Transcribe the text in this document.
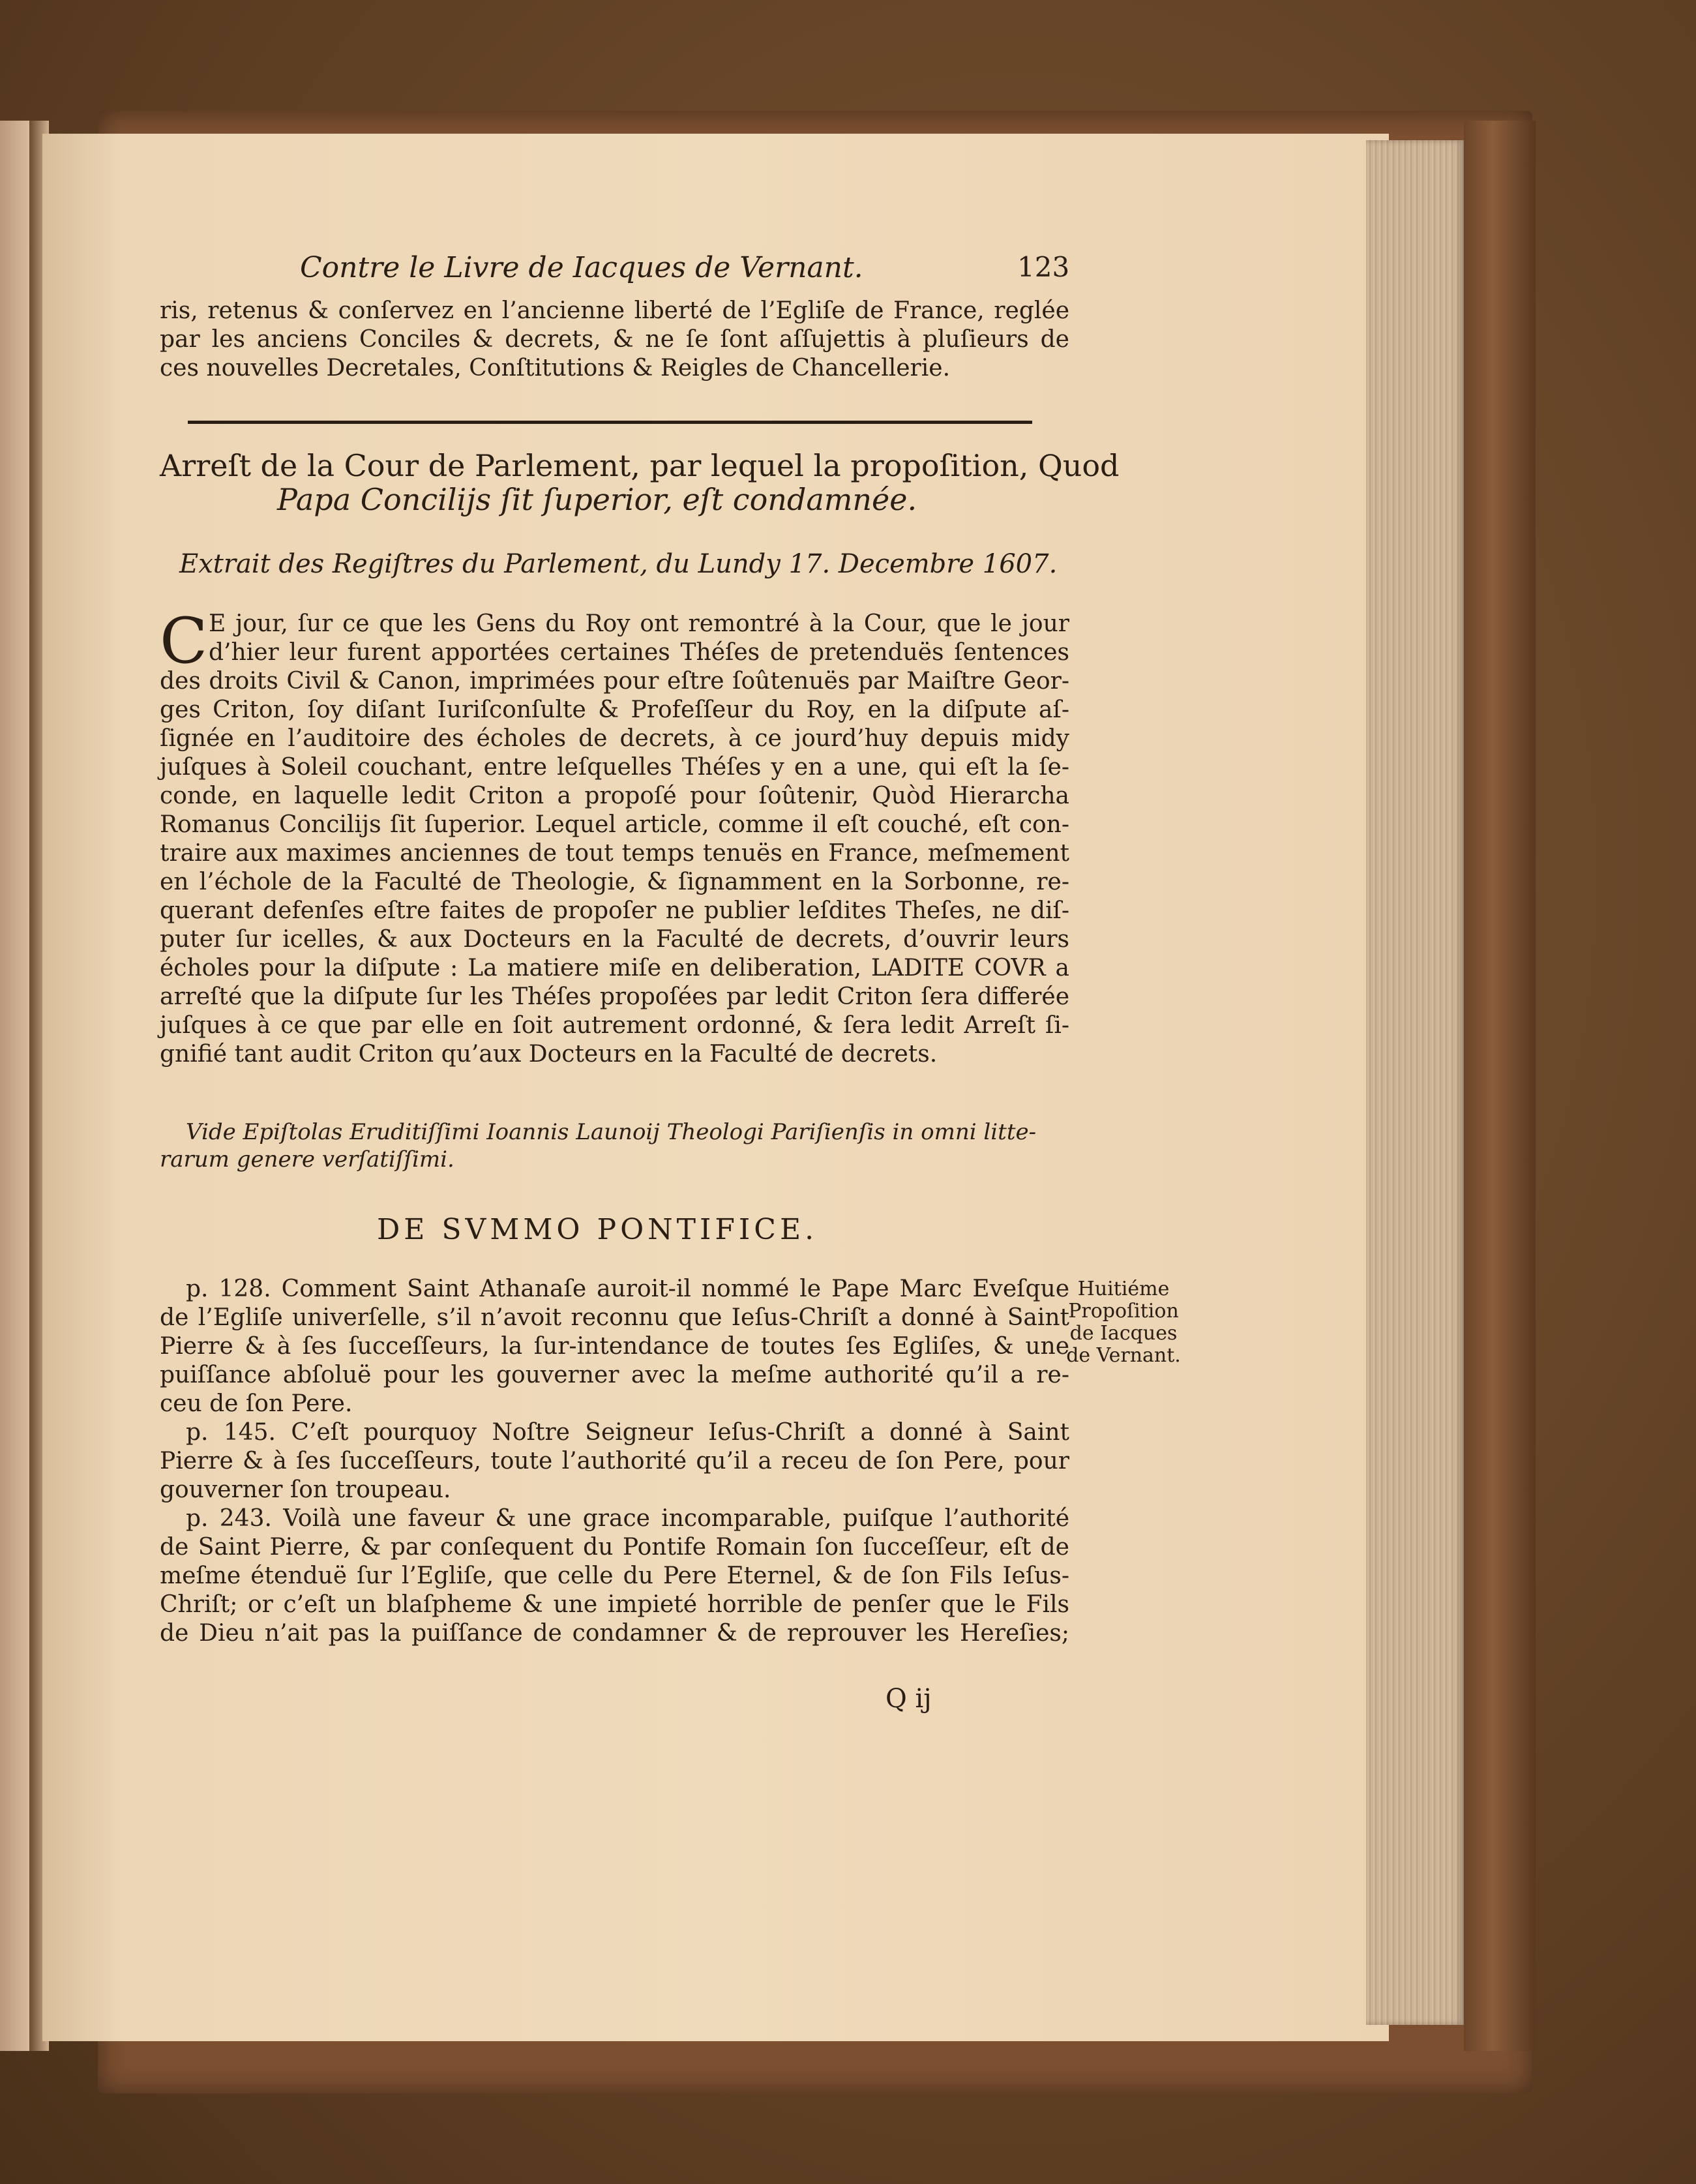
Contre le Livre de Iacques de Vernant.	123
ris, retenus & conſervez en l’ancienne liberté de l’Egliſe de France, reglée
par les anciens Conciles & decrets, & ne ſe ſont aſſujettis à pluſieurs de
ces nouvelles Decretales, Conſtitutions & Reigles de Chancellerie.
Arreſt de la Cour de Parlement, par lequel la propoſition, Quod
Papa Concilijs ſit ſuperior, eſt condamnée.
Extrait des Regiſtres du Parlement, du Lundy 17. Decembre 1607.
C E jour, ſur ce que les Gens du Roy ont remontré à la Cour, que le jour
d’hier leur furent apportées certaines Théſes de pretenduës ſentences
des droits Civil & Canon, imprimées pour eſtre ſoûtenuës par Maiſtre Geor-
ges Criton, ſoy diſant Iuriſconſulte & Profeſſeur du Roy, en la diſpute aſ-
ſignée en l’auditoire des écholes de decrets, à ce jourd’huy depuis midy
juſques à Soleil couchant, entre leſquelles Théſes y en a une, qui eſt la ſe-
conde, en laquelle ledit Criton a propoſé pour ſoûtenir, Quòd Hierarcha
Romanus Concilijs ſit ſuperior. Lequel article, comme il eſt couché, eſt con-
traire aux maximes anciennes de tout temps tenuës en France, meſmement
en l’échole de la Faculté de Theologie, & ſignamment en la Sorbonne, re-
querant defenſes eſtre faites de propoſer ne publier leſdites Theſes, ne diſ-
puter ſur icelles, & aux Docteurs en la Faculté de decrets, d’ouvrir leurs
écholes pour la diſpute : La matiere miſe en deliberation, LADITE COVR a
arreſté que la diſpute ſur les Théſes propoſées par ledit Criton ſera differée
juſques à ce que par elle en ſoit autrement ordonné, & ſera ledit Arreſt ſi-
gnifié tant audit Criton qu’aux Docteurs en la Faculté de decrets.
Vide Epiſtolas Eruditiſſimi Ioannis Launoij Theologi Pariſienſis in omni litte-
rarum genere verſatiſſimi.
DE SVMMO PONTIFICE.
p. 128. Comment Saint Athanaſe auroit-il nommé le Pape Marc Eveſque
de l’Egliſe univerſelle, s’il n’avoit reconnu que Ieſus-Chriſt a donné à Saint
Pierre & à ſes ſucceſſeurs, la ſur-intendance de toutes ſes Egliſes, & une
puiſſance abſoluë pour les gouverner avec la meſme authorité qu’il a re-
ceu de ſon Pere.
p. 145. C’eſt pourquoy Noſtre Seigneur Ieſus-Chriſt a donné à Saint
Pierre & à ſes ſucceſſeurs, toute l’authorité qu’il a receu de ſon Pere, pour
gouverner ſon troupeau.
p. 243. Voilà une faveur & une grace incomparable, puiſque l’authorité
de Saint Pierre, & par conſequent du Pontife Romain ſon ſucceſſeur, eſt de
meſme étenduë ſur l’Egliſe, que celle du Pere Eternel, & de ſon Fils Ieſus-
Chriſt; or c’eſt un blaſpheme & une impieté horrible de penſer que le Fils
de Dieu n’ait pas la puiſſance de condamner & de reprouver les Hereſies;
Huitiéme
Propoſition
de Iacques
de Vernant.
Q ij
